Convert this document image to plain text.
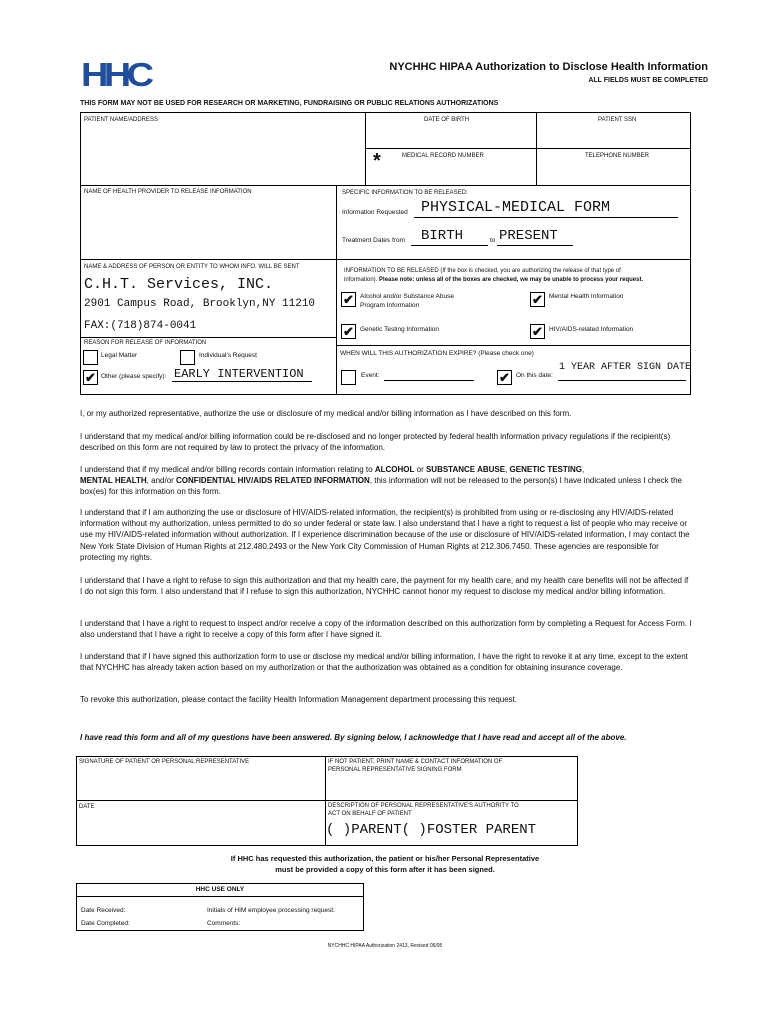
HHC	NYCHHC HIPAA Authorization to Disclose Health Information
ALL FIELDS MUST BE COMPLETED
THIS FORM MAY NOT BE USED FOR RESEARCH OR MARKETING, FUNDRAISING OR PUBLIC RELATIONS AUTHORIZATIONS
PATIENT NAME/ADDRESS	DATE OF BIRTH	PATIENT SSN
*	MEDICAL RECORD NUMBER	TELEPHONE NUMBER
NAME OF HEALTH PROVIDER TO RELEASE INFORMATION	SPECIFIC INFORMATION TO BE RELEASED:
Information Requested PHYSICAL-MEDICAL FORM
Treatment Dates from BIRTH	to PRESENT
NAME & ADDRESS OF PERSON OR ENTITY TO WHOM INFO. WILL BE SENT
C.H.T. Services, INC.
2901 Campus Road, Brooklyn,NY 11210
FAX:(718)874-0041
INFORMATION TO BE RELEASED (If the box is checked, you are authorizing the release of that type of
information). Please note: unless all of the boxes are checked, we may be unable to process your request.
✔ Alcohol and/or Substance Abuse
Program Information	✔ Mental Health Information
✔ Genetic Testing Information	✔ HIV/AIDS-related Information
REASON FOR RELEASE OF INFORMATION
Legal Matter	Individual's Request
✔ Other (please specify): EARLY INTERVENTION
WHEN WILL THIS AUTHORIZATION EXPIRE? (Please check one)
Event:	✔ On this date:
1 YEAR AFTER SIGN DATE
I, or my authorized representative, authorize the use or disclosure of my medical and/or billing information as I have described on this form.
I understand that my medical and/or billing information could be re-disclosed and no longer protected by federal health information privacy regulations if the recipient(s) described on this form are not required by law to protect the privacy of the information.
I understand that if my medical and/or billing records contain information relating to ALCOHOL or SUBSTANCE ABUSE, GENETIC TESTING,
MENTAL HEALTH, and/or CONFIDENTIAL HIV/AIDS RELATED INFORMATION, this information will not be released to the person(s) I have indicated unless I check the box(es) for this information on this form.
I understand that if I am authorizing the use or disclosure of HIV/AIDS-related information, the recipient(s) is prohibited from using or re-disclosing any HIV/AIDS-related information without my authorization, unless permitted to do so under federal or state law. I also understand that I have a right to request a list of people who may receive or use my HIV/AIDS-related information without authorization. If I experience discrimination because of the use or disclosure of HIV/AIDS-related information, I may contact the New York State Division of Human Rights at 212.480.2493 or the New York City Commission of Human Rights at 212.306.7450. These agencies are responsible for protecting my rights.
I understand that I have a right to refuse to sign this authorization and that my health care, the payment for my health care, and my health care benefits will not be affected if I do not sign this form. I also understand that if I refuse to sign this authorization, NYCHHC cannot honor my request to disclose my medical and/or billing information.
I understand that I have a right to request to inspect and/or receive a copy of the information described on this authorization form by completing a Request for Access Form. I also understand that I have a right to receive a copy of this form after I have signed it.
I understand that if I have signed this authorization form to use or disclose my medical and/or billing information, I have the right to revoke it at any time, except to the extent that NYCHHC has already taken action based on my authorization or that the authorization was obtained as a condition for obtaining insurance coverage.
To revoke this authorization, please contact the facility Health Information Management department processing this request.
I have read this form and all of my questions have been answered. By signing below, I acknowledge that I have read and accept all of the above.
SIGNATURE OF PATIENT OR PERSONAL REPRESENTATIVE	IF NOT PATIENT, PRINT NAME & CONTACT INFORMATION OF
PERSONAL REPRESENTATIVE SIGNING FORM
DATE	DESCRIPTION OF PERSONAL REPRESENTATIVE'S AUTHORITY TO
ACT ON BEHALF OF PATIENT
( )PARENT( )FOSTER PARENT
If HHC has requested this authorization, the patient or his/her Personal Representative
must be provided a copy of this form after it has been signed.
HHC USE ONLY
Date Received:	Initials of HIM employee processing request:
Date Completed:	Comments:
NYCHHC HIPAA Authorization 2413, Revised 06/05
